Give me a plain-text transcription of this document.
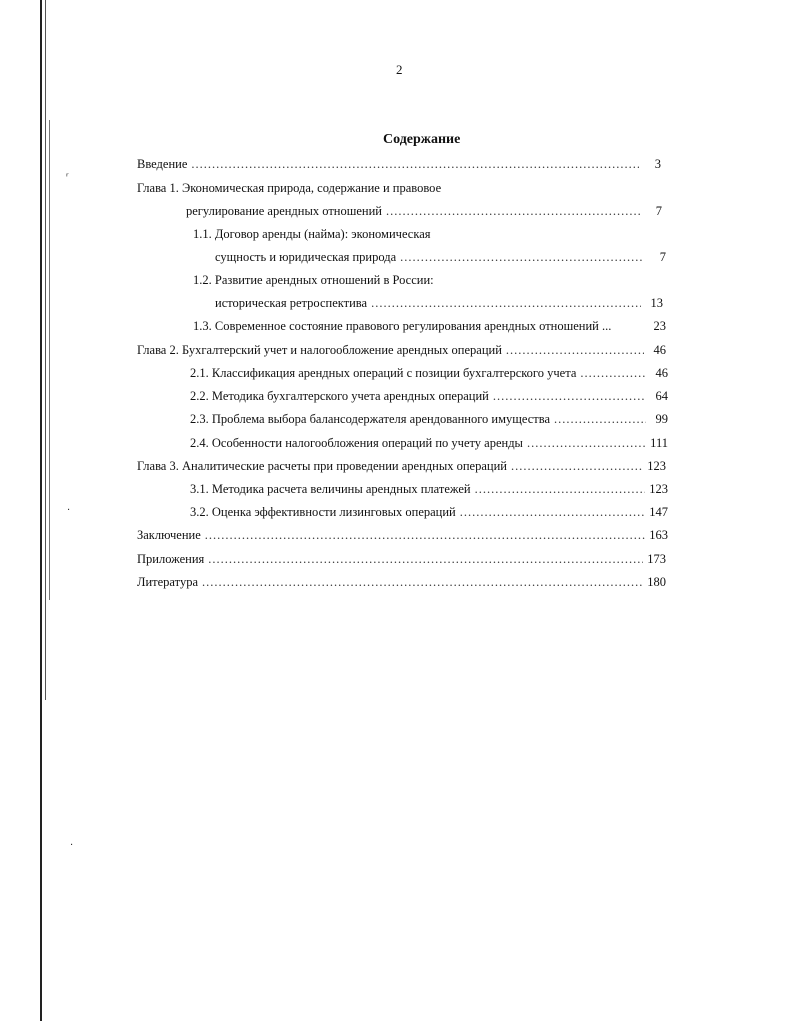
ʳ
·
·
2
Содержание
Введение .....	3
Глава 1. Экономическая природа, содержание и правовое
регулирование арендных отношений .....	7
1.1. Договор аренды (найма): экономическая
сущность и юридическая природа .....	7
1.2. Развитие арендных отношений в России:
историческая ретроспектива .....	13
1.3. Современное состояние правового регулирования арендных отношений ...	23
Глава 2. Бухгалтерский учет и налогообложение арендных операций .....	46
2.1. Классификация арендных операций с позиции бухгалтерского учета .....	46
2.2. Методика бухгалтерского учета арендных операций .....	64
2.3. Проблема выбора балансодержателя арендованного имущества .....	99
2.4. Особенности налогообложения операций по учету аренды .....	111
Глава 3. Аналитические расчеты при проведении арендных операций .....	123
3.1. Методика расчета величины арендных платежей .....	123
3.2. Оценка эффективности лизинговых операций .....	147
Заключение .....	163
Приложения .....	173
Литература .....	180
